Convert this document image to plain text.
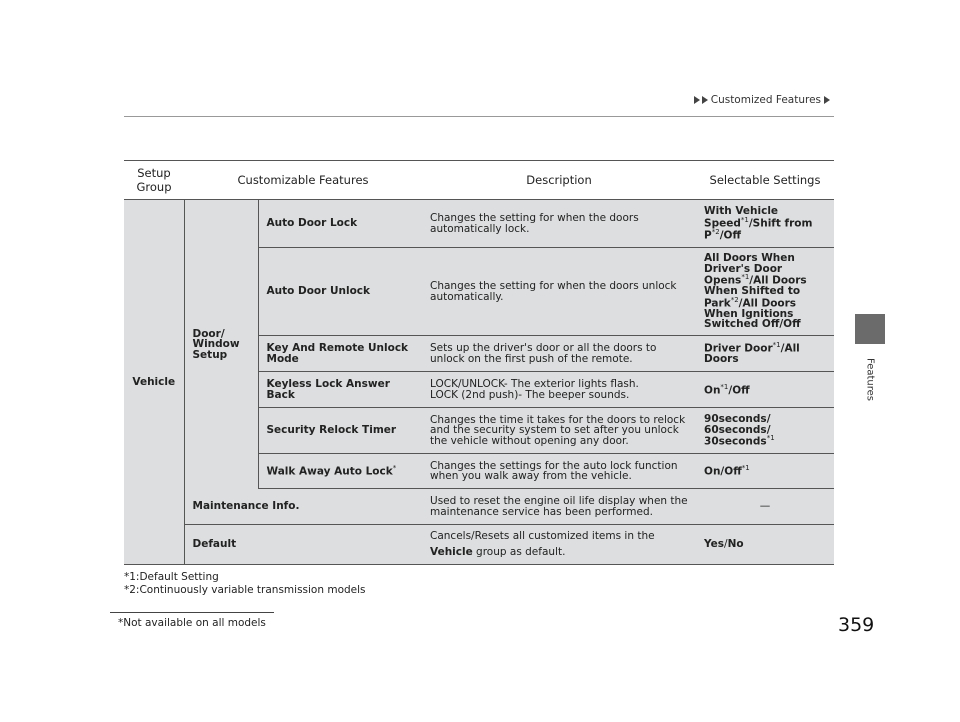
Customized Features
Features
Setup Group	Customizable Features		Description	Selectable Settings
Vehicle	Door/ Window Setup	Auto Door Lock	Changes the setting for when the doors automatically lock.	With Vehicle Speed$^{*1}$/Shift from $P^{*2}$/Off
		Auto Door Unlock	Changes the setting for when the doors unlock automatically.	All Doors When Driver's Door Opens$^{*1}$/All Doors When Shifted to Park$^{*2}$/All Doors When Ignitions Switched Off/Off
		Key And Remote Unlock Mode	Sets up the driver's door or all the doors to unlock on the first push of the remote.	Driver Door$^{*1}$/All Doors
		Keyless Lock Answer Back	LOCK/UNLOCK- The exterior lights flash.
LOCK (2nd push)- The beeper sounds.	On$^{*1}$/Off
		Security Relock Timer	Changes the time it takes for the doors to relock and the security system to set after you unlock the vehicle without opening any door.	90seconds/
60seconds/
30seconds$^{*1}$
		Walk Away Auto Lock*	Changes the settings for the auto lock function when you walk away from the vehicle.	On/Off$^{*1}$
	Maintenance Info.		Used to reset the engine oil life display when the maintenance service has been performed.	—
	Default		Cancels/Resets all customized items in the
Vehicle group as default.	Yes/No
*1:Default Setting
*2:Continuously variable transmission models
* Not available on all models	359
